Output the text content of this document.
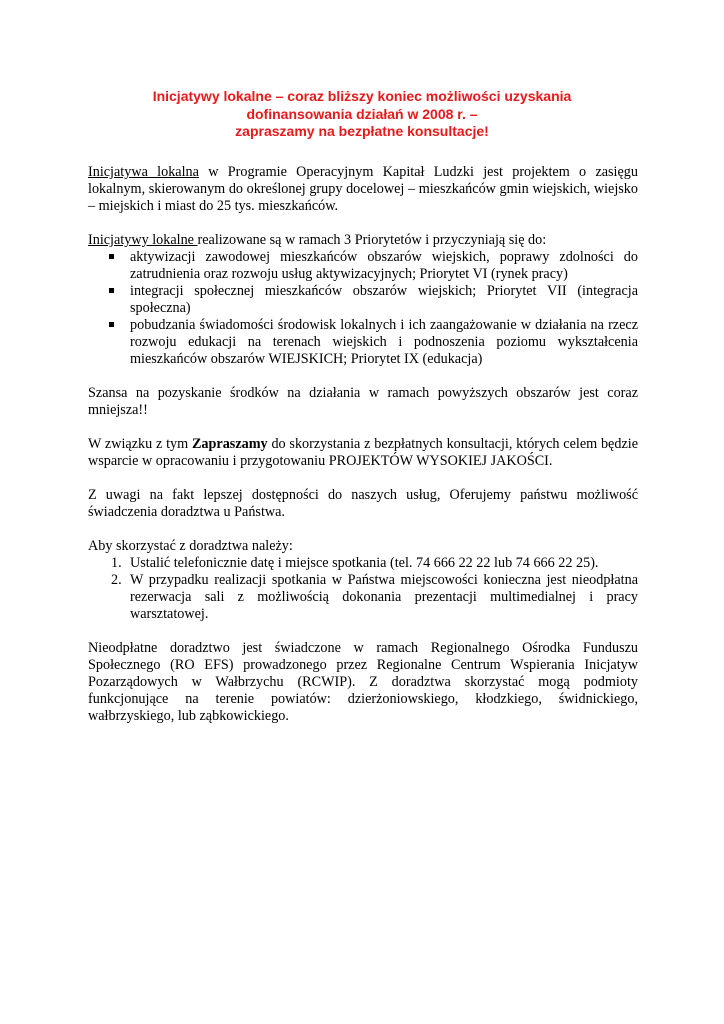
Inicjatywy lokalne – coraz bliższy koniec możliwości uzyskania
dofinansowania działań w 2008 r. –
zapraszamy na bezpłatne konsultacje!

Inicjatywa lokalna w Programie Operacyjnym Kapitał Ludzki jest projektem o zasięgu lokalnym, skierowanym do określonej grupy docelowej – mieszkańców gmin wiejskich, wiejsko – miejskich i miast do 25 tys. mieszkańców.

Inicjatywy lokalne realizowane są w ramach 3 Priorytetów i przyczyniają się do:

aktywizacji zawodowej mieszkańców obszarów wiejskich, poprawy zdolności do zatrudnienia oraz rozwoju usług aktywizacyjnych; Priorytet VI (rynek pracy)
integracji społecznej mieszkańców obszarów wiejskich; Priorytet VII (integracja społeczna)
pobudzania świadomości środowisk lokalnych i ich zaangażowanie w działania na rzecz rozwoju edukacji na terenach wiejskich i podnoszenia poziomu wykształcenia mieszkańców obszarów WIEJSKICH; Priorytet IX (edukacja)

Szansa na pozyskanie środków na działania w ramach powyższych obszarów jest coraz mniejsza!!

W związku z tym Zapraszamy do skorzystania z bezpłatnych konsultacji, których celem będzie wsparcie w opracowaniu i przygotowaniu PROJEKTÓW WYSOKIEJ JAKOŚCI.

Z uwagi na fakt lepszej dostępności do naszych usług, Oferujemy państwu możliwość świadczenia doradztwa u Państwa.

Aby skorzystać z doradztwa należy:

1. Ustalić telefonicznie datę i miejsce spotkania (tel. 74 666 22 22 lub 74 666 22 25).
2. W przypadku realizacji spotkania w Państwa miejscowości konieczna jest nieodpłatna rezerwacja sali z możliwością dokonania prezentacji multimedialnej i pracy warsztatowej.

Nieodpłatne doradztwo jest świadczone w ramach Regionalnego Ośrodka Funduszu Społecznego (RO EFS) prowadzonego przez Regionalne Centrum Wspierania Inicjatyw Pozarządowych w Wałbrzychu (RCWIP). Z doradztwa skorzystać mogą podmioty funkcjonujące na terenie powiatów: dzierżoniowskiego, kłodzkiego, świdnickiego, wałbrzyskiego, lub ząbkowickiego.
